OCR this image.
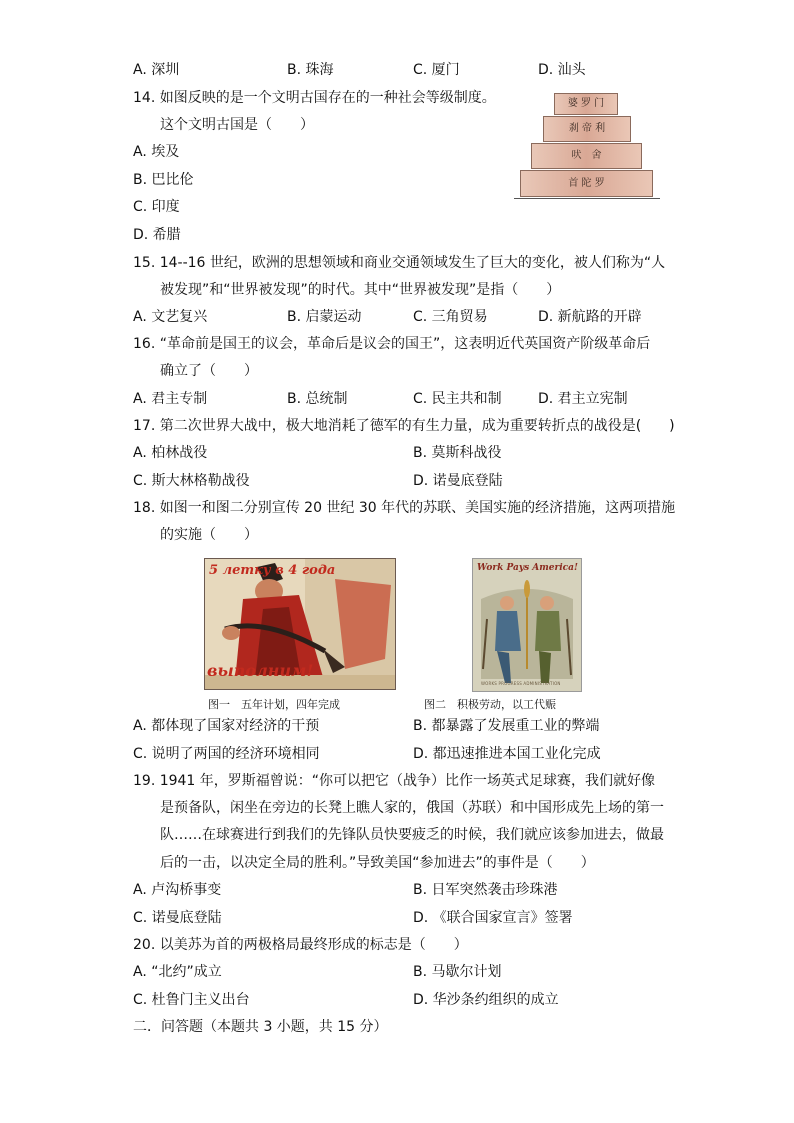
A. 深圳	B. 珠海	C. 厦门	D. 汕头
14. 如图反映的是一个文明古国存在的一种社会等级制度。
这个文明古国是（　　）
A. 埃及
B. 巴比伦
C. 印度
D. 希腊
婆 罗 门
刹 帝 利
吠　舍
首 陀 罗
15. 14--16 世纪，欧洲的思想领域和商业交通领域发生了巨大的变化，被人们称为“人
被发现”和“世界被发现”的时代。其中“世界被发现”是指（　　）
A. 文艺复兴	B. 启蒙运动	C. 三角贸易	D. 新航路的开辟
16. “革命前是国王的议会，革命后是议会的国王”，这表明近代英国资产阶级革命后
确立了（　　）
A. 君主专制	B. 总统制	C. 民主共和制	D. 君主立宪制
17. 第二次世界大战中，极大地消耗了德军的有生力量，成为重要转折点的战役是(　　)
A. 柏林战役	B. 莫斯科战役
C. 斯大林格勒战役	D. 诺曼底登陆
18. 如图一和图二分别宣传 20 世纪 30 年代的苏联、美国实施的经济措施，这两项措施
的实施（　　）
5 летку в 4 года
выполним!
Work Pays America!
WORKS PROGRESS ADMINISTRATION
图一　五年计划，四年完成	图二　积极劳动，以工代赈
A. 都体现了国家对经济的干预	B. 都暴露了发展重工业的弊端
C. 说明了两国的经济环境相同	D. 都迅速推进本国工业化完成
19. 1941 年，罗斯福曾说：“你可以把它（战争）比作一场英式足球赛，我们就好像
是预备队，闲坐在旁边的长凳上瞧人家的，俄国（苏联）和中国形成先上场的第一
队……在球赛进行到我们的先锋队员快要疲乏的时候，我们就应该参加进去，做最
后的一击，以决定全局的胜利。”导致美国“参加进去”的事件是（　　）
A. 卢沟桥事变	B. 日军突然袭击珍珠港
C. 诺曼底登陆	D. 《联合国家宣言》签署
20. 以美苏为首的两极格局最终形成的标志是（　　）
A. “北约”成立	B. 马歇尔计划
C. 杜鲁门主义出台	D. 华沙条约组织的成立
二．问答题（本题共 3 小题，共 15 分）
